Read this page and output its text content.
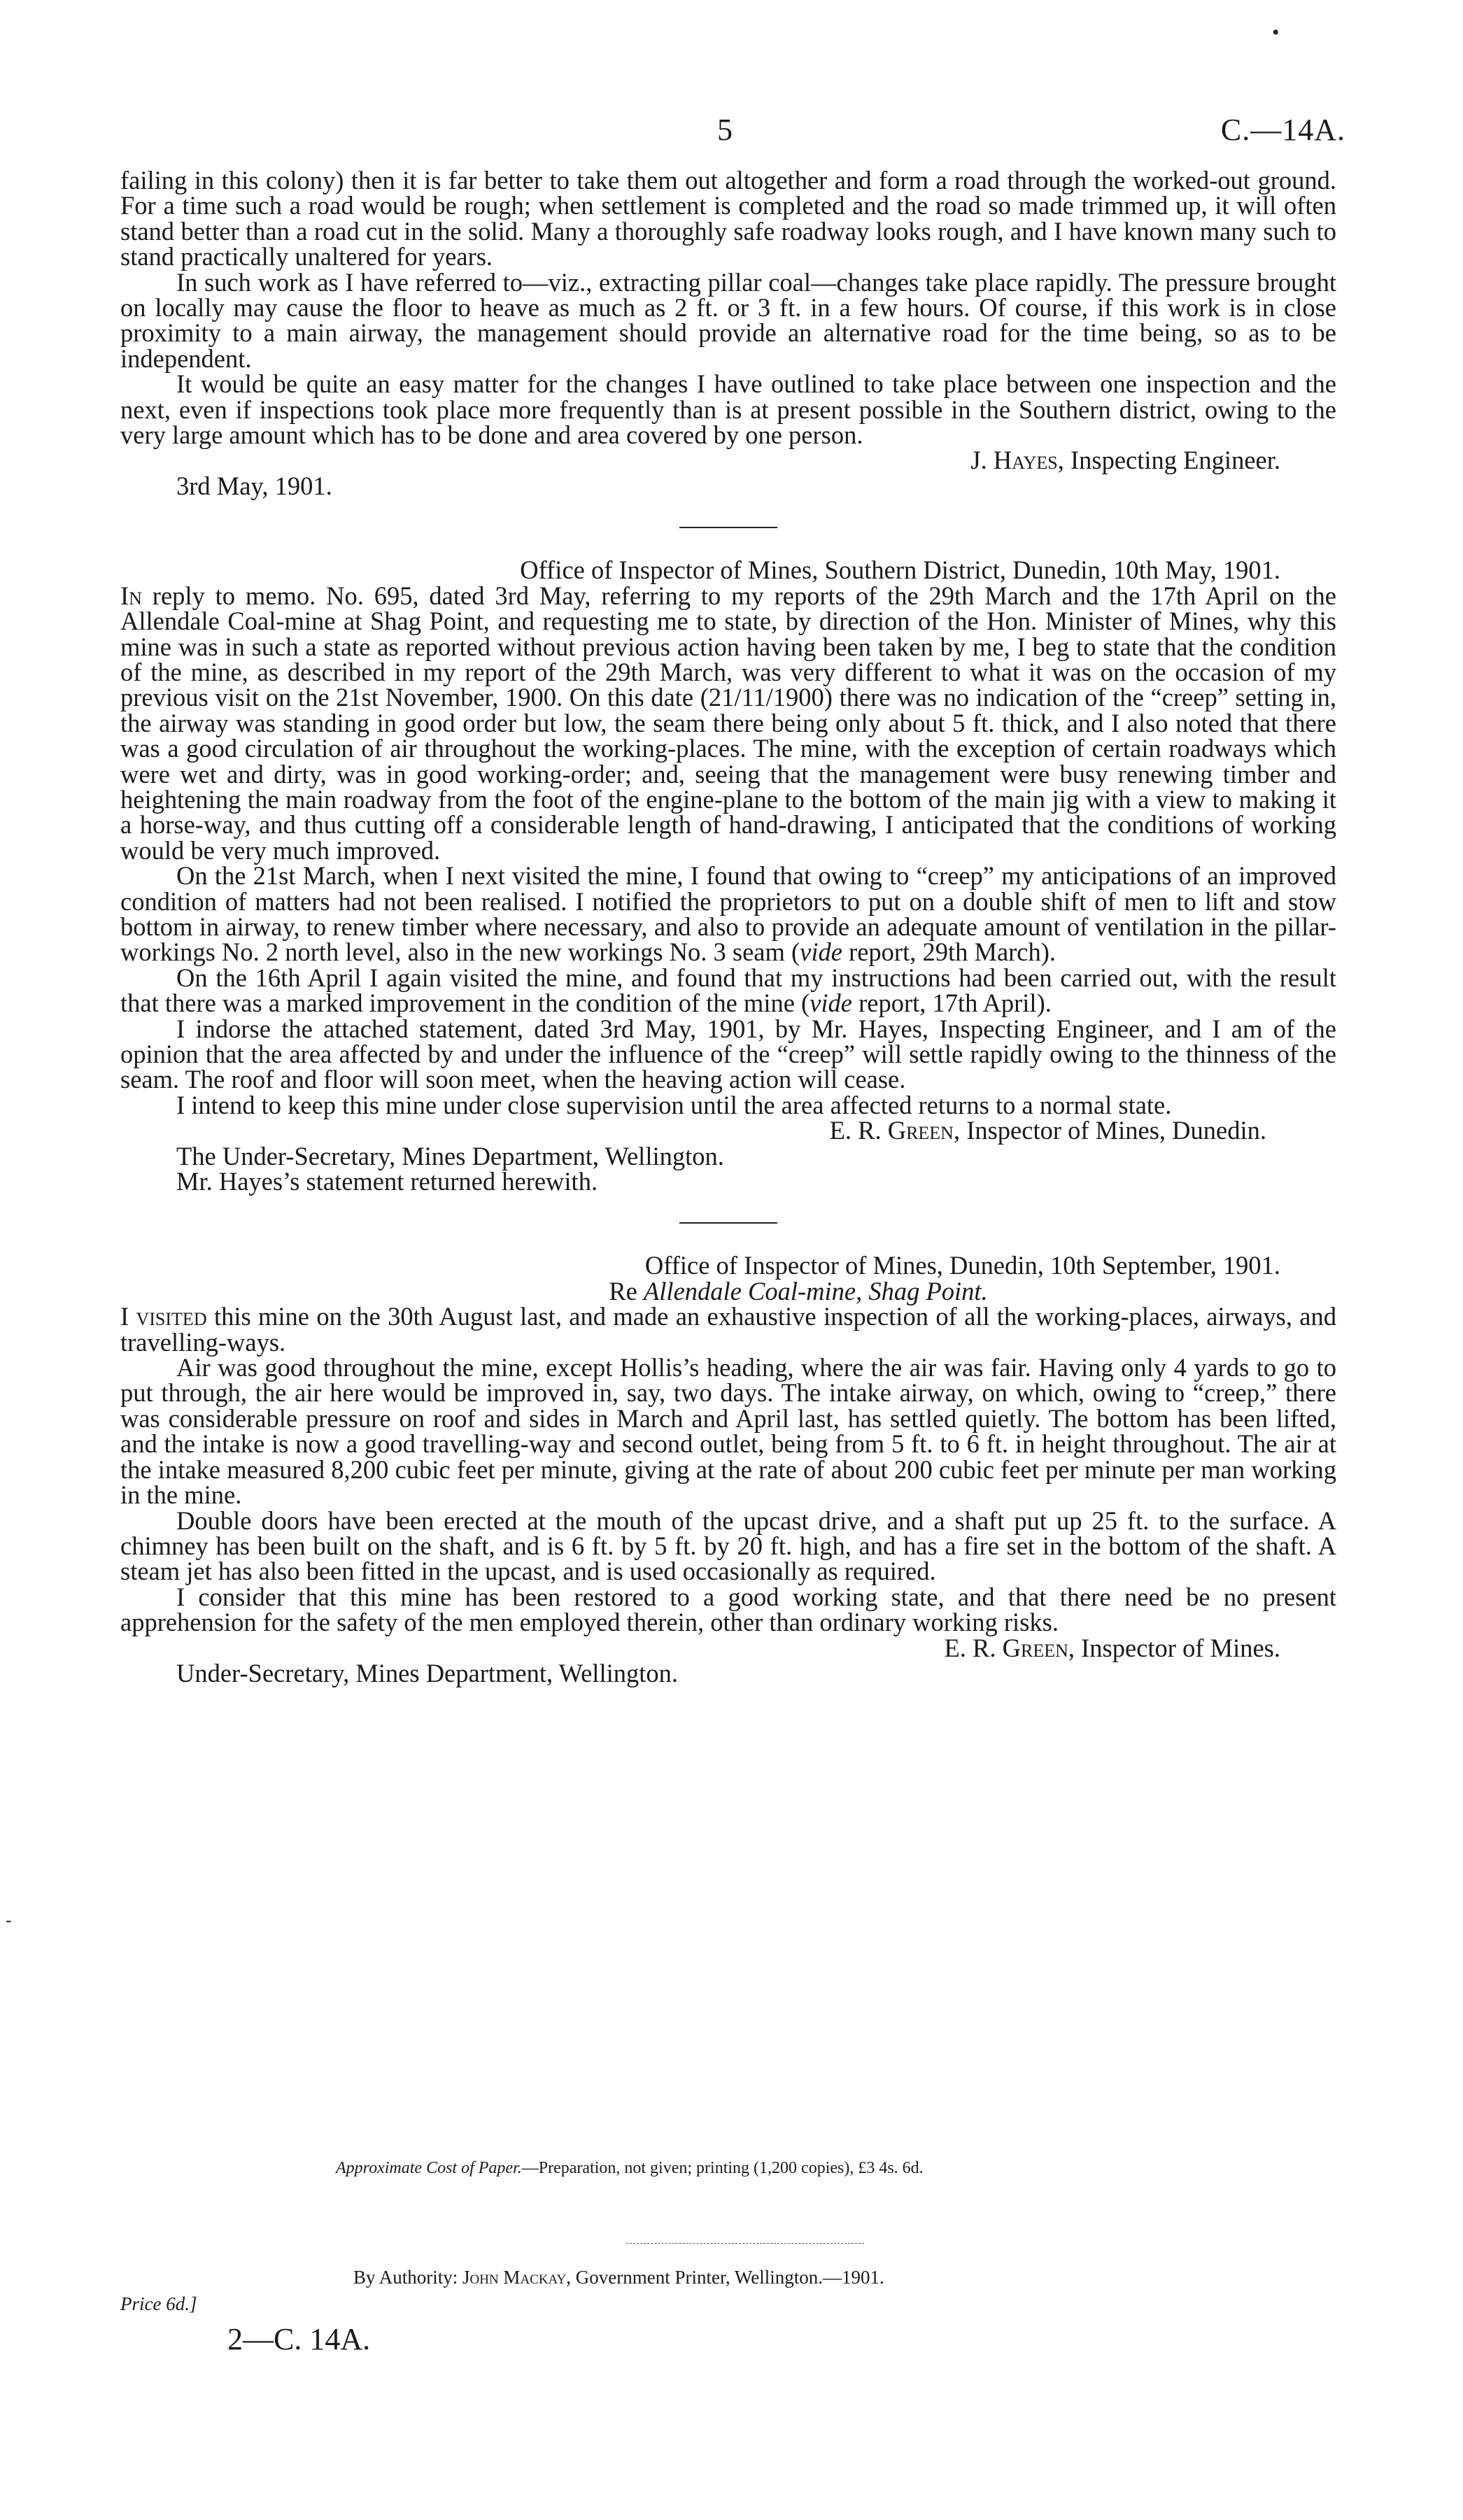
5	C.—14A.
•
-

failing in this colony) then it is far better to take them out altogether and form a road through the worked-out ground. For a time such a road would be rough; when settlement is completed and the road so made trimmed up, it will often stand better than a road cut in the solid. Many a thoroughly safe roadway looks rough, and I have known many such to stand practically unaltered for years.

In such work as I have referred to—viz., extracting pillar coal—changes take place rapidly. The pressure brought on locally may cause the floor to heave as much as 2 ft. or 3 ft. in a few hours. Of course, if this work is in close proximity to a main airway, the management should provide an alternative road for the time being, so as to be independent.

It would be quite an easy matter for the changes I have outlined to take place between one inspection and the next, even if inspections took place more frequently than is at present possible in the Southern district, owing to the very large amount which has to be done and area covered by one person.

J. Hayes, Inspecting Engineer.

3rd May, 1901.

Office of Inspector of Mines, Southern District, Dunedin, 10th May, 1901.

In reply to memo. No. 695, dated 3rd May, referring to my reports of the 29th March and the 17th April on the Allendale Coal-mine at Shag Point, and requesting me to state, by direction of the Hon. Minister of Mines, why this mine was in such a state as reported without previous action having been taken by me, I beg to state that the condition of the mine, as described in my report of the 29th March, was very different to what it was on the occasion of my previous visit on the 21st November, 1900. On this date (21/11/1900) there was no indication of the “creep” setting in, the airway was standing in good order but low, the seam there being only about 5 ft. thick, and I also noted that there was a good circulation of air throughout the working-places. The mine, with the exception of certain roadways which were wet and dirty, was in good working-order; and, seeing that the management were busy renewing timber and heightening the main roadway from the foot of the engine-plane to the bottom of the main jig with a view to making it a horse-way, and thus cutting off a considerable length of hand-drawing, I anticipated that the conditions of working would be very much improved.

On the 21st March, when I next visited the mine, I found that owing to “creep” my anticipations of an improved condition of matters had not been realised. I notified the proprietors to put on a double shift of men to lift and stow bottom in airway, to renew timber where necessary, and also to provide an adequate amount of ventilation in the pillar-workings No. 2 north level, also in the new workings No. 3 seam (vide report, 29th March).

On the 16th April I again visited the mine, and found that my instructions had been carried out, with the result that there was a marked improvement in the condition of the mine (vide report, 17th April).

I indorse the attached statement, dated 3rd May, 1901, by Mr. Hayes, Inspecting Engineer, and I am of the opinion that the area affected by and under the influence of the “creep” will settle rapidly owing to the thinness of the seam. The roof and floor will soon meet, when the heaving action will cease.

I intend to keep this mine under close supervision until the area affected returns to a normal state.

E. R. Green, Inspector of Mines, Dunedin.

The Under-Secretary, Mines Department, Wellington.

Mr. Hayes’s statement returned herewith.

Office of Inspector of Mines, Dunedin, 10th September, 1901.

Re Allendale Coal-mine, Shag Point.

I visited this mine on the 30th August last, and made an exhaustive inspection of all the working-places, airways, and travelling-ways.

Air was good throughout the mine, except Hollis’s heading, where the air was fair. Having only 4 yards to go to put through, the air here would be improved in, say, two days. The intake airway, on which, owing to “creep,” there was considerable pressure on roof and sides in March and April last, has settled quietly. The bottom has been lifted, and the intake is now a good travelling-way and second outlet, being from 5 ft. to 6 ft. in height throughout. The air at the intake measured 8,200 cubic feet per minute, giving at the rate of about 200 cubic feet per minute per man working in the mine.

Double doors have been erected at the mouth of the upcast drive, and a shaft put up 25 ft. to the surface. A chimney has been built on the shaft, and is 6 ft. by 5 ft. by 20 ft. high, and has a fire set in the bottom of the shaft. A steam jet has also been fitted in the upcast, and is used occasionally as required.

I consider that this mine has been restored to a good working state, and that there need be no present apprehension for the safety of the men employed therein, other than ordinary working risks.

E. R. Green, Inspector of Mines.

Under-Secretary, Mines Department, Wellington.

Approximate Cost of Paper.—Preparation, not given; printing (1,200 copies), £3 4s. 6d.
By Authority: John Mackay, Government Printer, Wellington.—1901.
Price 6d.]
2—C. 14A.
